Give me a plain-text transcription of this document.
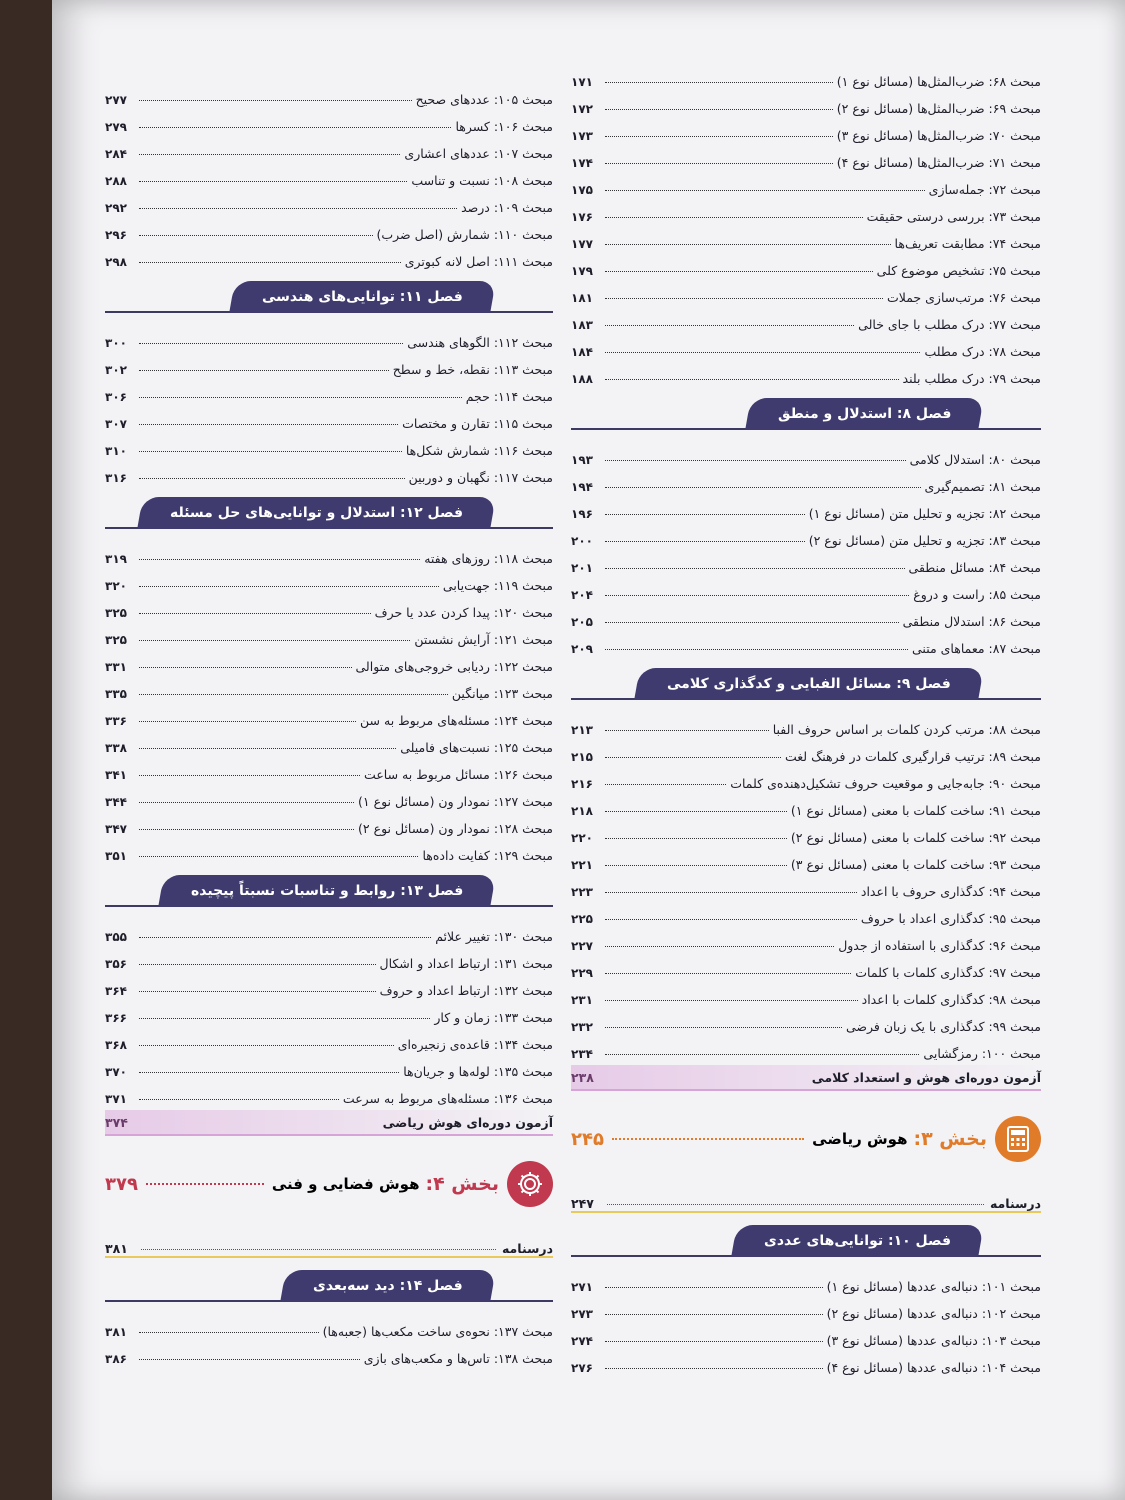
مبحث ۶۸: ضرب‌المثل‌ها (مسائل نوع ۱)
۱۷۱
مبحث ۶۹: ضرب‌المثل‌ها (مسائل نوع ۲)
۱۷۲
مبحث ۷۰: ضرب‌المثل‌ها (مسائل نوع ۳)
۱۷۳
مبحث ۷۱: ضرب‌المثل‌ها (مسائل نوع ۴)
۱۷۴
مبحث ۷۲: جمله‌سازی
۱۷۵
مبحث ۷۳: بررسی درستی حقیقت
۱۷۶
مبحث ۷۴: مطابقت تعریف‌ها
۱۷۷
مبحث ۷۵: تشخیص موضوع کلی
۱۷۹
مبحث ۷۶: مرتب‌سازی جملات
۱۸۱
مبحث ۷۷: درک مطلب با جای خالی
۱۸۳
مبحث ۷۸: درک مطلب
۱۸۴
مبحث ۷۹: درک مطلب بلند
۱۸۸
فصل ۸: استدلال و منطق
مبحث ۸۰: استدلال کلامی
۱۹۳
مبحث ۸۱: تصمیم‌گیری
۱۹۴
مبحث ۸۲: تجزیه و تحلیل متن (مسائل نوع ۱)
۱۹۶
مبحث ۸۳: تجزیه و تحلیل متن (مسائل نوع ۲)
۲۰۰
مبحث ۸۴: مسائل منطقی
۲۰۱
مبحث ۸۵: راست و دروغ
۲۰۴
مبحث ۸۶: استدلال منطقی
۲۰۵
مبحث ۸۷: معماهای متنی
۲۰۹
فصل ۹: مسائل الفبایی و کدگذاری کلامی
مبحث ۸۸: مرتب کردن کلمات بر اساس حروف الفبا
۲۱۳
مبحث ۸۹: ترتیب قرارگیری کلمات در فرهنگ لغت
۲۱۵
مبحث ۹۰: جابه‌جایی و موقعیت حروف تشکیل‌دهنده‌ی کلمات
۲۱۶
مبحث ۹۱: ساخت کلمات با معنی (مسائل نوع ۱)
۲۱۸
مبحث ۹۲: ساخت کلمات با معنی (مسائل نوع ۲)
۲۲۰
مبحث ۹۳: ساخت کلمات با معنی (مسائل نوع ۳)
۲۲۱
مبحث ۹۴: کدگذاری حروف با اعداد
۲۲۳
مبحث ۹۵: کدگذاری اعداد با حروف
۲۲۵
مبحث ۹۶: کدگذاری با استفاده از جدول
۲۲۷
مبحث ۹۷: کدگذاری کلمات با کلمات
۲۲۹
مبحث ۹۸: کدگذاری کلمات با اعداد
۲۳۱
مبحث ۹۹: کدگذاری با یک زبان فرضی
۲۳۲
مبحث ۱۰۰: رمزگشایی
۲۳۴
آزمون دوره‌ای هوش و استعداد کلامی
۲۳۸
بخش ۳:
هوش ریاضی
۲۴۵
درسنامه
۲۴۷
فصل ۱۰: توانایی‌های عددی
مبحث ۱۰۱: دنباله‌ی عددها (مسائل نوع ۱)
۲۷۱
مبحث ۱۰۲: دنباله‌ی عددها (مسائل نوع ۲)
۲۷۳
مبحث ۱۰۳: دنباله‌ی عددها (مسائل نوع ۳)
۲۷۴
مبحث ۱۰۴: دنباله‌ی عددها (مسائل نوع ۴)
۲۷۶
مبحث ۱۰۵: عددهای صحیح
۲۷۷
مبحث ۱۰۶: کسرها
۲۷۹
مبحث ۱۰۷: عددهای اعشاری
۲۸۴
مبحث ۱۰۸: نسبت و تناسب
۲۸۸
مبحث ۱۰۹: درصد
۲۹۲
مبحث ۱۱۰: شمارش (اصل ضرب)
۲۹۶
مبحث ۱۱۱: اصل لانه کبوتری
۲۹۸
فصل ۱۱: توانایی‌های هندسی
مبحث ۱۱۲: الگوهای هندسی
۳۰۰
مبحث ۱۱۳: نقطه، خط و سطح
۳۰۲
مبحث ۱۱۴: حجم
۳۰۶
مبحث ۱۱۵: تقارن و مختصات
۳۰۷
مبحث ۱۱۶: شمارش شکل‌ها
۳۱۰
مبحث ۱۱۷: نگهبان و دوربین
۳۱۶
فصل ۱۲: استدلال و توانایی‌های حل مسئله
مبحث ۱۱۸: روزهای هفته
۳۱۹
مبحث ۱۱۹: جهت‌یابی
۳۲۰
مبحث ۱۲۰: پیدا کردن عدد یا حرف
۳۲۵
مبحث ۱۲۱: آرایش نشستن
۳۲۵
مبحث ۱۲۲: ردیابی خروجی‌های متوالی
۳۳۱
مبحث ۱۲۳: میانگین
۳۳۵
مبحث ۱۲۴: مسئله‌های مربوط به سن
۳۳۶
مبحث ۱۲۵: نسبت‌های فامیلی
۳۳۸
مبحث ۱۲۶: مسائل مربوط به ساعت
۳۴۱
مبحث ۱۲۷: نمودار ون (مسائل نوع ۱)
۳۴۴
مبحث ۱۲۸: نمودار ون (مسائل نوع ۲)
۳۴۷
مبحث ۱۲۹: کفایت داده‌ها
۳۵۱
فصل ۱۳: روابط و تناسبات نسبتاً پیچیده
مبحث ۱۳۰: تغییر علائم
۳۵۵
مبحث ۱۳۱: ارتباط اعداد و اشکال
۳۵۶
مبحث ۱۳۲: ارتباط اعداد و حروف
۳۶۴
مبحث ۱۳۳: زمان و کار
۳۶۶
مبحث ۱۳۴: قاعده‌ی زنجیره‌ای
۳۶۸
مبحث ۱۳۵: لوله‌ها و جریان‌ها
۳۷۰
مبحث ۱۳۶: مسئله‌های مربوط به سرعت
۳۷۱
آزمون دوره‌ای هوش ریاضی
۳۷۴
بخش ۴:
هوش فضایی و فنی
۳۷۹
درسنامه
۳۸۱
فصل ۱۴: دید سه‌بعدی
مبحث ۱۳۷: نحوه‌ی ساخت مکعب‌ها (جعبه‌ها)
۳۸۱
مبحث ۱۳۸: تاس‌ها و مکعب‌های بازی
۳۸۶
